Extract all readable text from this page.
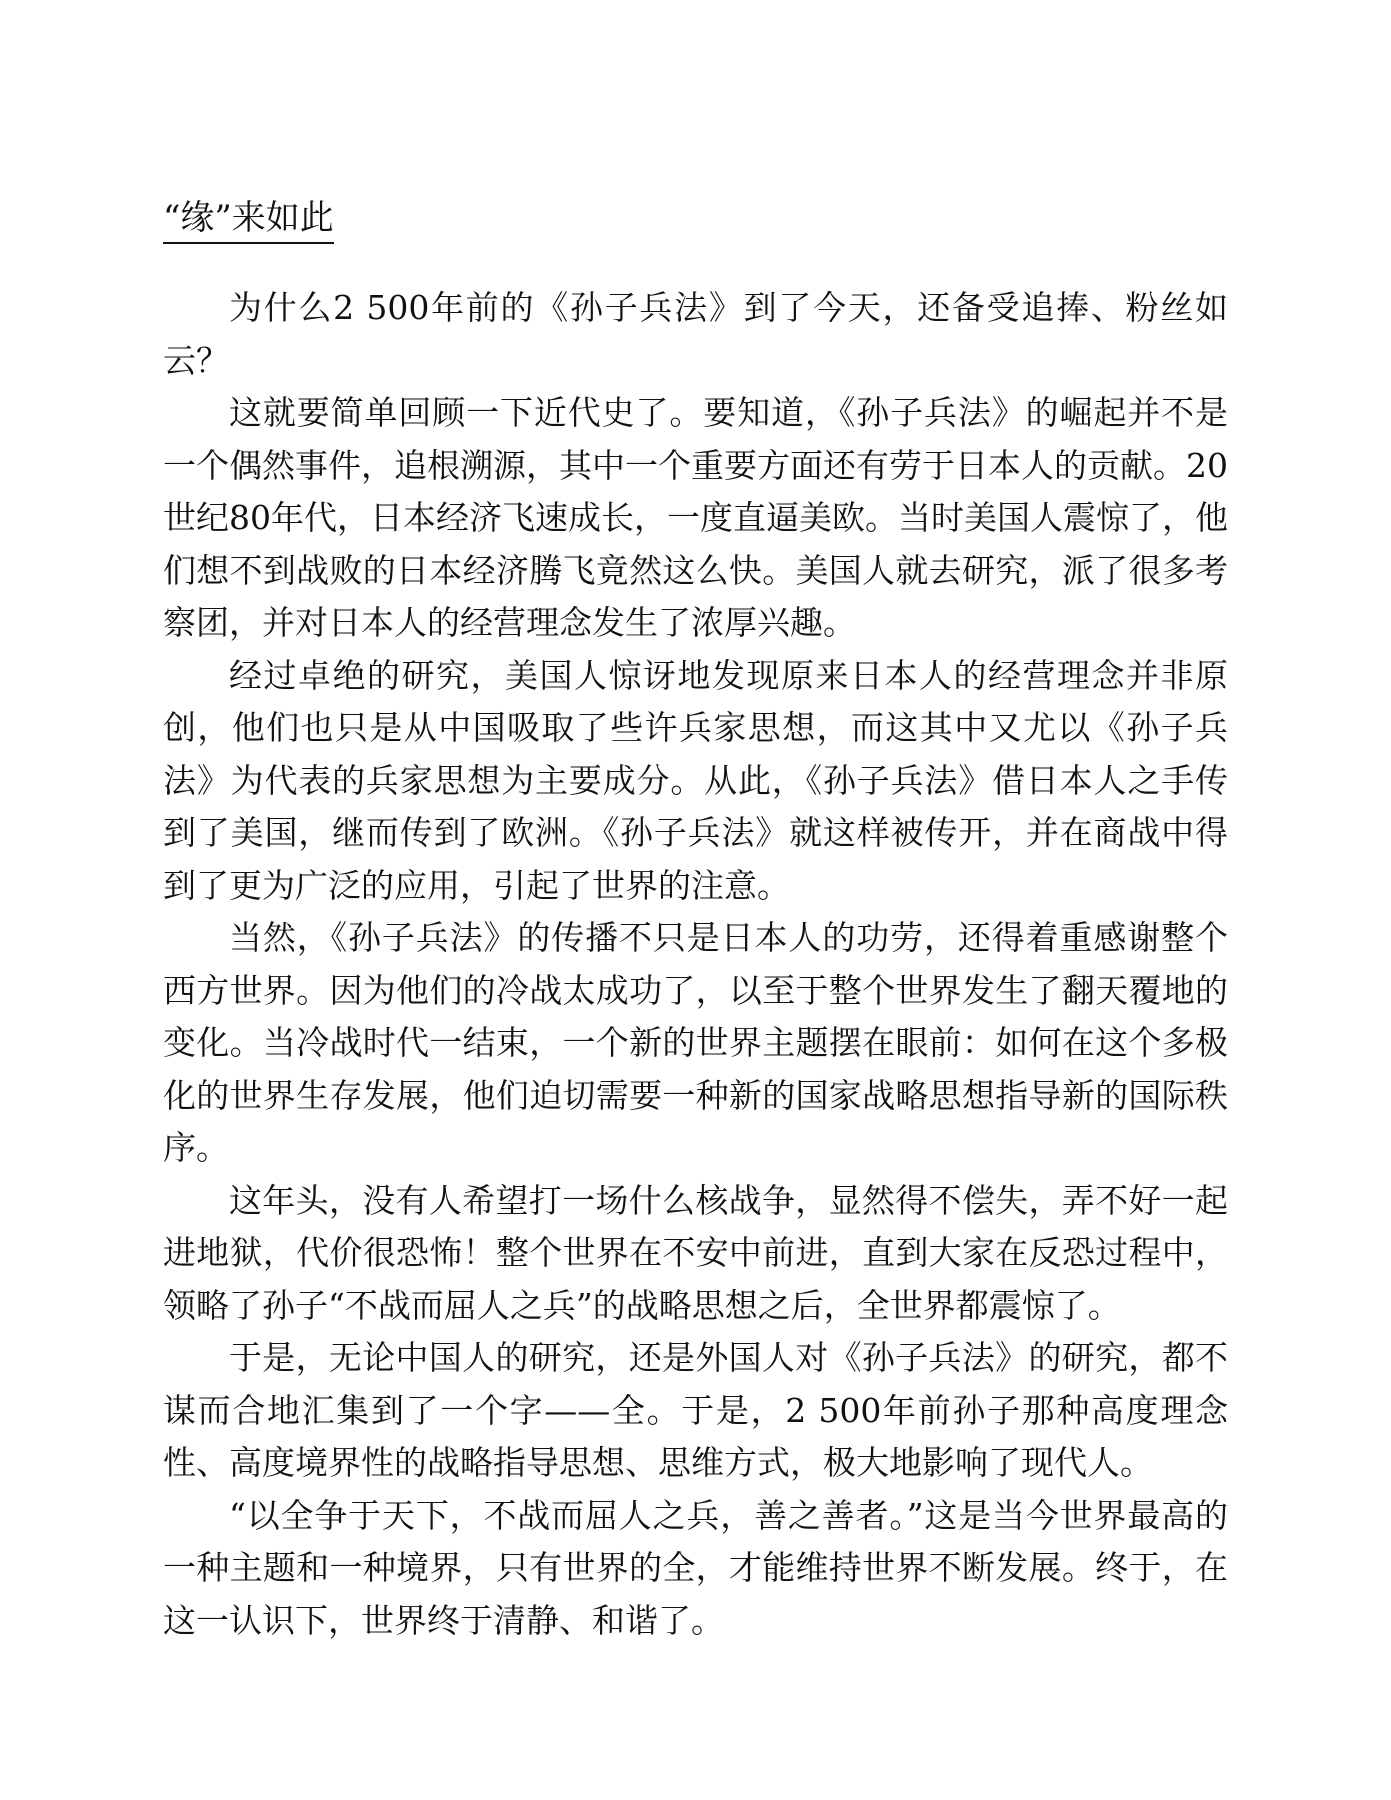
“缘”来如此

为什么2 500年前的《孙子兵法》到了今天，还备受追捧、粉丝如云？

这就要简单回顾一下近代史了。要知道，《孙子兵法》的崛起并不是一个偶然事件，追根溯源，其中一个重要方面还有劳于日本人的贡献。20世纪80年代，日本经济飞速成长，一度直逼美欧。当时美国人震惊了，他们想不到战败的日本经济腾飞竟然这么快。美国人就去研究，派了很多考察团，并对日本人的经营理念发生了浓厚兴趣。

经过卓绝的研究，美国人惊讶地发现原来日本人的经营理念并非原创，他们也只是从中国吸取了些许兵家思想，而这其中又尤以《孙子兵法》为代表的兵家思想为主要成分。从此，《孙子兵法》借日本人之手传到了美国，继而传到了欧洲。《孙子兵法》就这样被传开，并在商战中得到了更为广泛的应用，引起了世界的注意。

当然，《孙子兵法》的传播不只是日本人的功劳，还得着重感谢整个西方世界。因为他们的冷战太成功了，以至于整个世界发生了翻天覆地的变化。当冷战时代一结束，一个新的世界主题摆在眼前：如何在这个多极化的世界生存发展，他们迫切需要一种新的国家战略思想指导新的国际秩序。

这年头，没有人希望打一场什么核战争，显然得不偿失，弄不好一起进地狱，代价很恐怖！整个世界在不安中前进，直到大家在反恐过程中，领略了孙子“不战而屈人之兵”的战略思想之后，全世界都震惊了。

于是，无论中国人的研究，还是外国人对《孙子兵法》的研究，都不谋而合地汇集到了一个字——全。于是，2 500年前孙子那种高度理念性、高度境界性的战略指导思想、思维方式，极大地影响了现代人。

“以全争于天下，不战而屈人之兵，善之善者。”这是当今世界最高的一种主题和一种境界，只有世界的全，才能维持世界不断发展。终于，在这一认识下，世界终于清静、和谐了。
